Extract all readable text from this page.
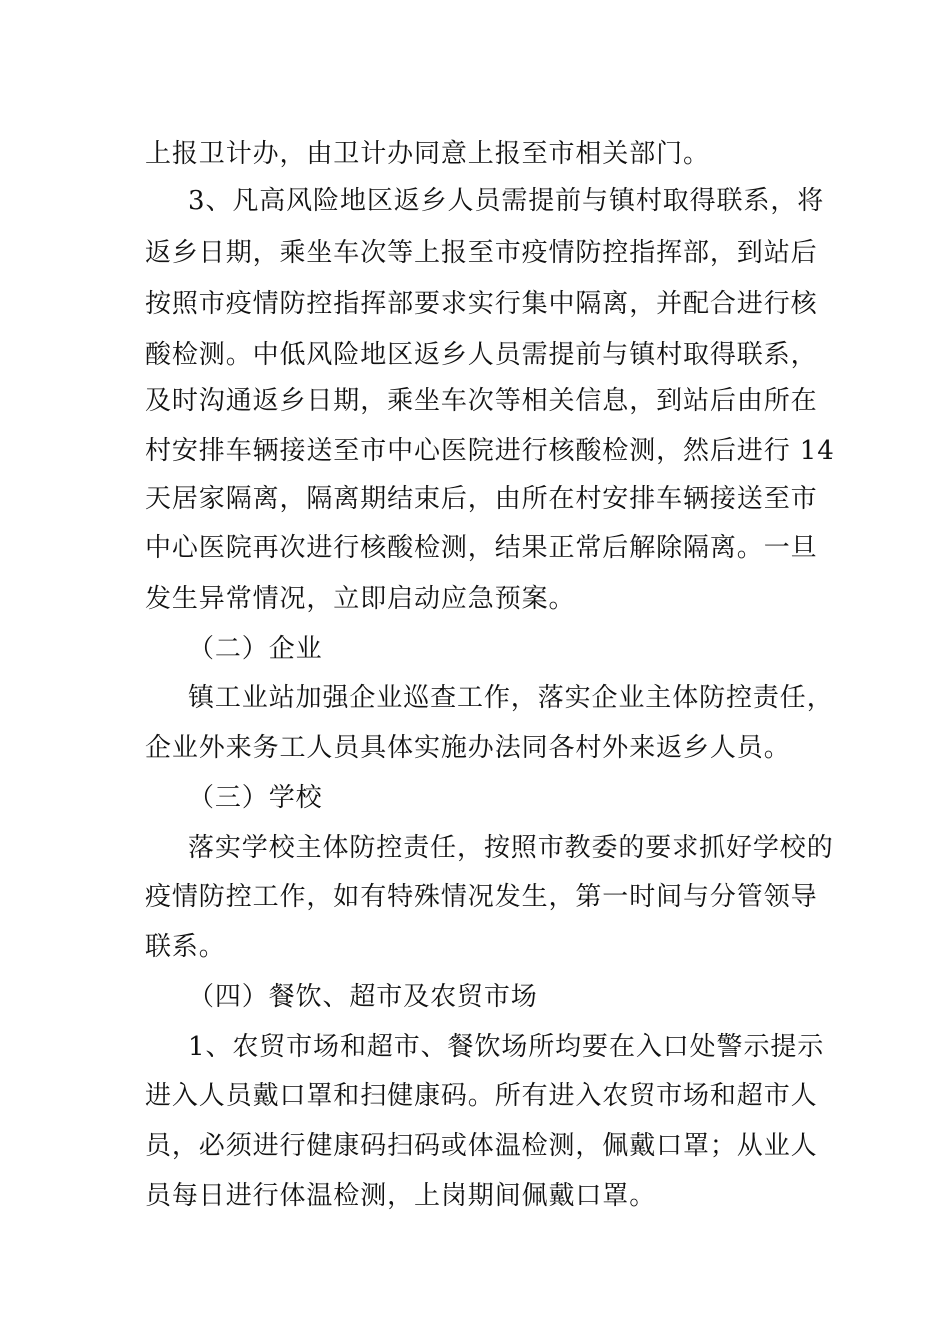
上报卫计办，由卫计办同意上报至市相关部门。
3、凡高风险地区返乡人员需提前与镇村取得联系，将
返乡日期，乘坐车次等上报至市疫情防控指挥部，到站后
按照市疫情防控指挥部要求实行集中隔离，并配合进行核
酸检测。中低风险地区返乡人员需提前与镇村取得联系，
及时沟通返乡日期，乘坐车次等相关信息，到站后由所在
村安排车辆接送至市中心医院进行核酸检测，然后进行 14
天居家隔离，隔离期结束后，由所在村安排车辆接送至市
中心医院再次进行核酸检测，结果正常后解除隔离。一旦
发生异常情况，立即启动应急预案。
（二）企业
镇工业站加强企业巡查工作，落实企业主体防控责任，
企业外来务工人员具体实施办法同各村外来返乡人员。
（三）学校
落实学校主体防控责任，按照市教委的要求抓好学校的
疫情防控工作，如有特殊情况发生，第一时间与分管领导
联系。
（四）餐饮、超市及农贸市场
1、农贸市场和超市、餐饮场所均要在入口处警示提示
进入人员戴口罩和扫健康码。所有进入农贸市场和超市人
员，必须进行健康码扫码或体温检测，佩戴口罩；从业人
员每日进行体温检测，上岗期间佩戴口罩。
